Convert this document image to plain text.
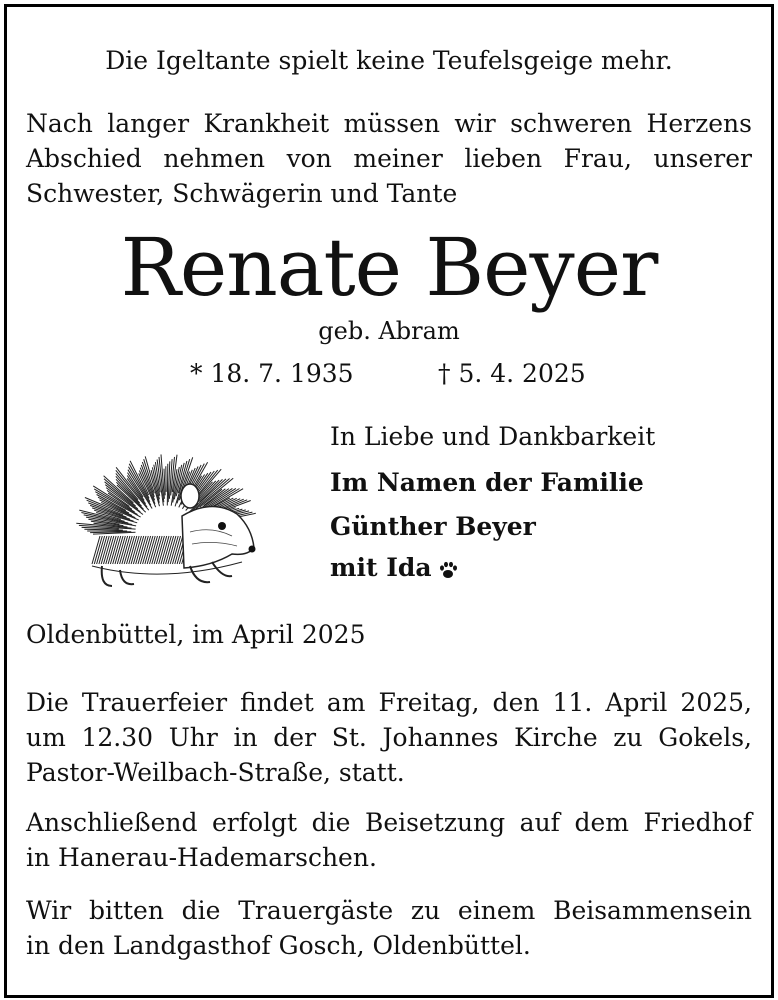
Die Igeltante spielt keine Teufelsgeige mehr.
Nach langer Krankheit müssen wir schweren Herzens
Abschied nehmen von meiner lieben Frau, unserer
Schwester, Schwägerin und Tante
Renate Beyer
geb. Abram
* 18. 7. 1935	† 5. 4. 2025
In Liebe und Dankbarkeit
Im Namen der Familie
Günther Beyer
mit Ida
Oldenbüttel, im April 2025
Die Trauerfeier findet am Freitag, den 11. April 2025,
um 12.30 Uhr in der St. Johannes Kirche zu Gokels,
Pastor-Weilbach-Straße, statt.
Anschließend erfolgt die Beisetzung auf dem Friedhof
in Hanerau-Hademarschen.
Wir bitten die Trauergäste zu einem Beisammensein
in den Landgasthof Gosch, Oldenbüttel.
